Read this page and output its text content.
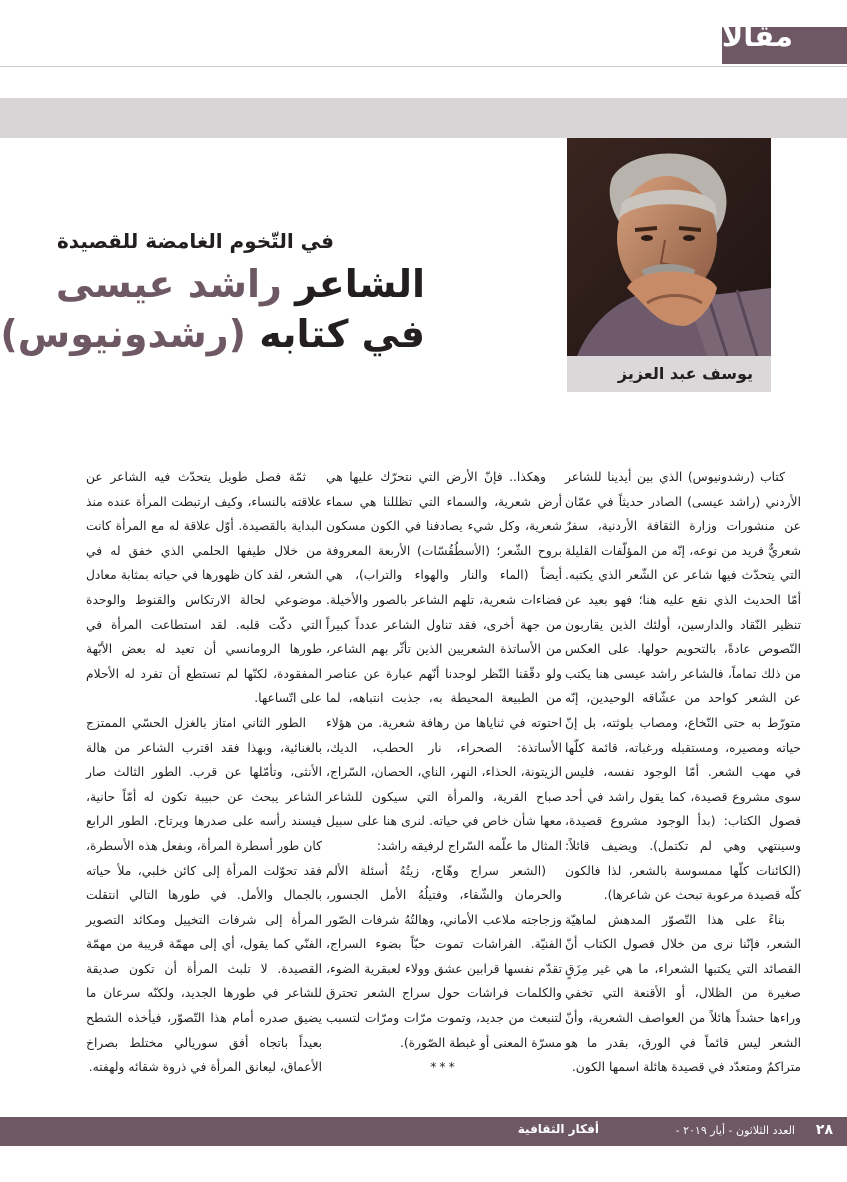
مقالات
يوسف عبد العزيز
في التّخوم الغامضة للقصيدة
الشاعر راشد عيسى
في كتابه (رشدونيوس)

كتاب (رشدونيوس) الذي بين أيدينا للشاعر الأردني (راشد عيسى) الصادر حديثاً في عمّان عن منشورات وزارة الثقافة الأردنية، سفرٌ شعريٌّ فريد من نوعه، إنّه من المؤلّفات القليلة التي يتحدّث فيها شاعر عن الشّعر الذي يكتبه. أمّا الحديث الذي نقع عليه هنا؛ فهو بعيد عن تنظير النّقاد والدارسين، أولئك الذين يقاربون النّصوص عادةً، بالتحويم حولها. على العكس من ذلك تماماً، فالشاعر راشد عيسى هنا يكتب عن الشعر كواحد من عشّاقه الوحيدين، إنّه متورّط به حتى النّخاع، ومصاب بلوثته، بل إنّ حياته ومصيره، ومستقبله ورغباته، قائمة كلّها في مهب الشعر. أمّا الوجود نفسه، فليس سوى مشروع قصيدة، كما يقول راشد في أحد فصول الكتاب: (بدأ الوجود مشروع قصيدة، وسينتهي وهي لم تكتمل). ويضيف قائلاً: (الكائنات كلّها ممسوسة بالشعر، لذا فالكون كلّه قصيدة مرعوبة تبحث عن شاعرها).

بناءً على هذا التّصوّر المدهش لماهيّة الشعر، فإنّنا نرى من خلال فصول الكتاب أنّ القصائد التي يكتبها الشعراء، ما هي غير مِزَقٍ صغيرة من الظلال، أو الأقنعة التي تخفي وراءها حشداً هائلاً من العواصف الشعرية، وأنّ الشعر ليس قائماً في الورق، بقدر ما هو متراكمٌ ومتعدّد في قصيدة هائلة اسمها الكون.

وهكذا.. فإنّ الأرض التي نتحرّك عليها هي أرض شعرية، والسماء التي تظللنا هي سماء شعرية، وكل شيء يصادفنا في الكون مسكون بروح الشّعر؛ (الأسطُقُسّات) الأربعة المعروفة أيضاً (الماء والنار والهواء والتراب)، هي فضاءات شعرية، تلهم الشاعر بالصور والأخيلة. من جهة أخرى، فقد تناول الشاعر عدداً كبيراً من الأساتذة الشعريين الذين تأثّر بهم الشاعر، ولو دقّقنا النّظر لوجدنا أنّهم عبارة عن عناصر من الطبيعة المحيطة به، جذبت انتباهه، لما احتوته في ثناياها من رهافة شعرية. من هؤلاء الأساتذة: الصحراء، نار الحطب، الديك، الزيتونة، الحذاء، النهر، الناي، الحصان، السّراج، صباح القرية، والمرأة التي سيكون للشاعر معها شأن خاص في حياته. لنرى هنا على سبيل المثال ما علّمه السّراج لرفيقه راشد:

(الشعر سراج وهّاج، زيتُهُ أسئلة الألم والحرمان والشّقاء، وفتيلُهُ الأمل الجسور، وزجاجته ملاعب الأماني، وهالتُهُ شرفات الصّور الفنيّة. الفراشات تموت حبّاً بضوء السراج، تقدّم نفسها قرابين عشق وولاء لعبقرية الضوء، والكلمات فراشات حول سراج الشعر تحترق لتنبعث من جديد، وتموت مرّات ومرّات لتسبب مسرّة المعنى أو غبطة الصّورة).

***

ثمّة فصل طويل يتحدّث فيه الشاعر عن علاقته بالنساء، وكيف ارتبطت المرأة عنده منذ البداية بالقصيدة. أوّل علاقة له مع المرأة كانت من خلال طيفها الحلمي الذي خفق له في الشعر، لقد كان ظهورها في حياته بمثابة معادل موضوعي لحالة الارتكاس والقنوط والوحدة التي دكّت قلبه. لقد استطاعت المرأة في طورها الرومانسي أن تعيد له بعض الأبّهة المفقودة، لكنّها لم تستطع أن تفرد له الأحلام على اتّساعها.

الطور الثاني امتاز بالغزل الحسّي الممتزج بالغنائية، وبهذا فقد اقترب الشاعر من هالة الأنثى، وتأمّلها عن قرب. الطور الثالث صار الشاعر يبحث عن حبيبة تكون له أمّاً حانية، فيسند رأسه على صدرها ويرتاح. الطور الرابع كان طور أسطرة المرأة، وبفعل هذه الأسطرة، فقد تحوّلت المرأة إلى كائن خلبي، ملأ حياته بالجمال والأمل. في طورها التالي انتقلت المرأة إلى شرفات التخييل ومكائد التصوير الفنّي كما يقول، أي إلى مهمّة قريبة من مهمّة القصيدة. لا تلبث المرأة أن تكون صديقة للشاعر في طورها الجديد، ولكنّه سرعان ما يضيق صدره أمام هذا التّصوّر، فيأخذه الشطح بعيداً باتجاه أفق سوريالي مختلط بصراخ الأعماق، ليعانق المرأة في ذروة شقائه ولهفته.

٢٨
العدد الثلاثون - أيار ٢٠١٩ -
أفكار الثقافية
